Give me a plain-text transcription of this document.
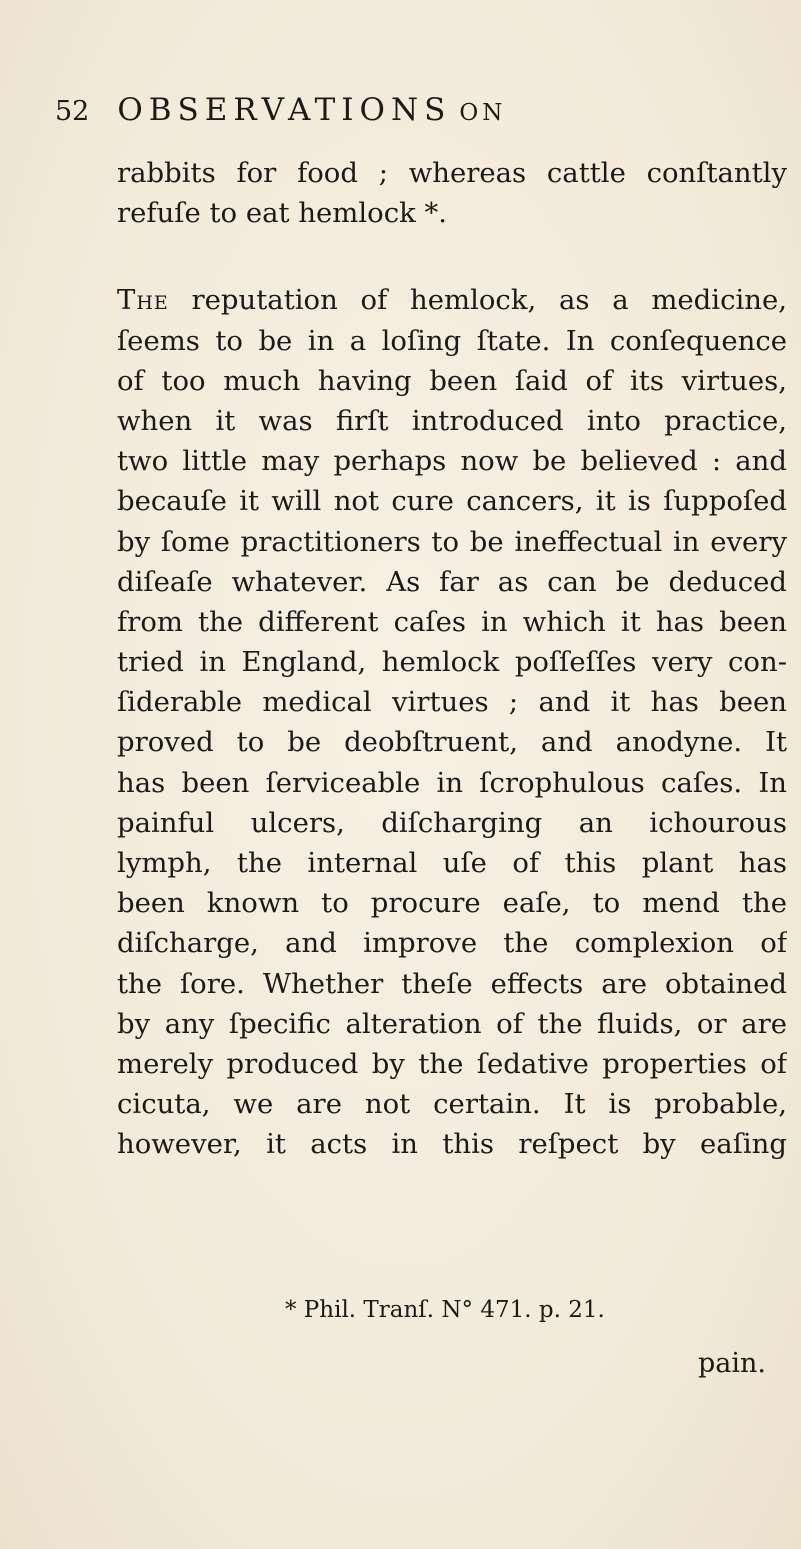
52 OBSERVATIONS ON
rabbits for food ; whereas cattle conſtantly
refuſe to eat hemlock *.
The reputation of hemlock, as a medicine,
ſeems to be in a loſing ſtate. In conſequence
of too much having been ſaid of its virtues,
when it was firſt introduced into practice,
two little may perhaps now be believed : and
becauſe it will not cure cancers, it is ſuppoſed
by ſome practitioners to be ineffectual in every
diſeaſe whatever. As far as can be deduced
from the different caſes in which it has been
tried in England, hemlock poſſeſſes very con-
ſiderable medical virtues ; and it has been
proved to be deobſtruent, and anodyne. It
has been ſerviceable in ſcrophulous caſes. In
painful ulcers, diſcharging an ichourous
lymph, the internal uſe of this plant has
been known to procure eaſe, to mend the
diſcharge, and improve the complexion of
the ſore. Whether theſe effects are obtained
by any ſpecific alteration of the fluids, or are
merely produced by the ſedative properties of
cicuta, we are not certain. It is probable,
however, it acts in this reſpect by eaſing
* Phil. Tranſ. N° 471. p. 21.
pain.
